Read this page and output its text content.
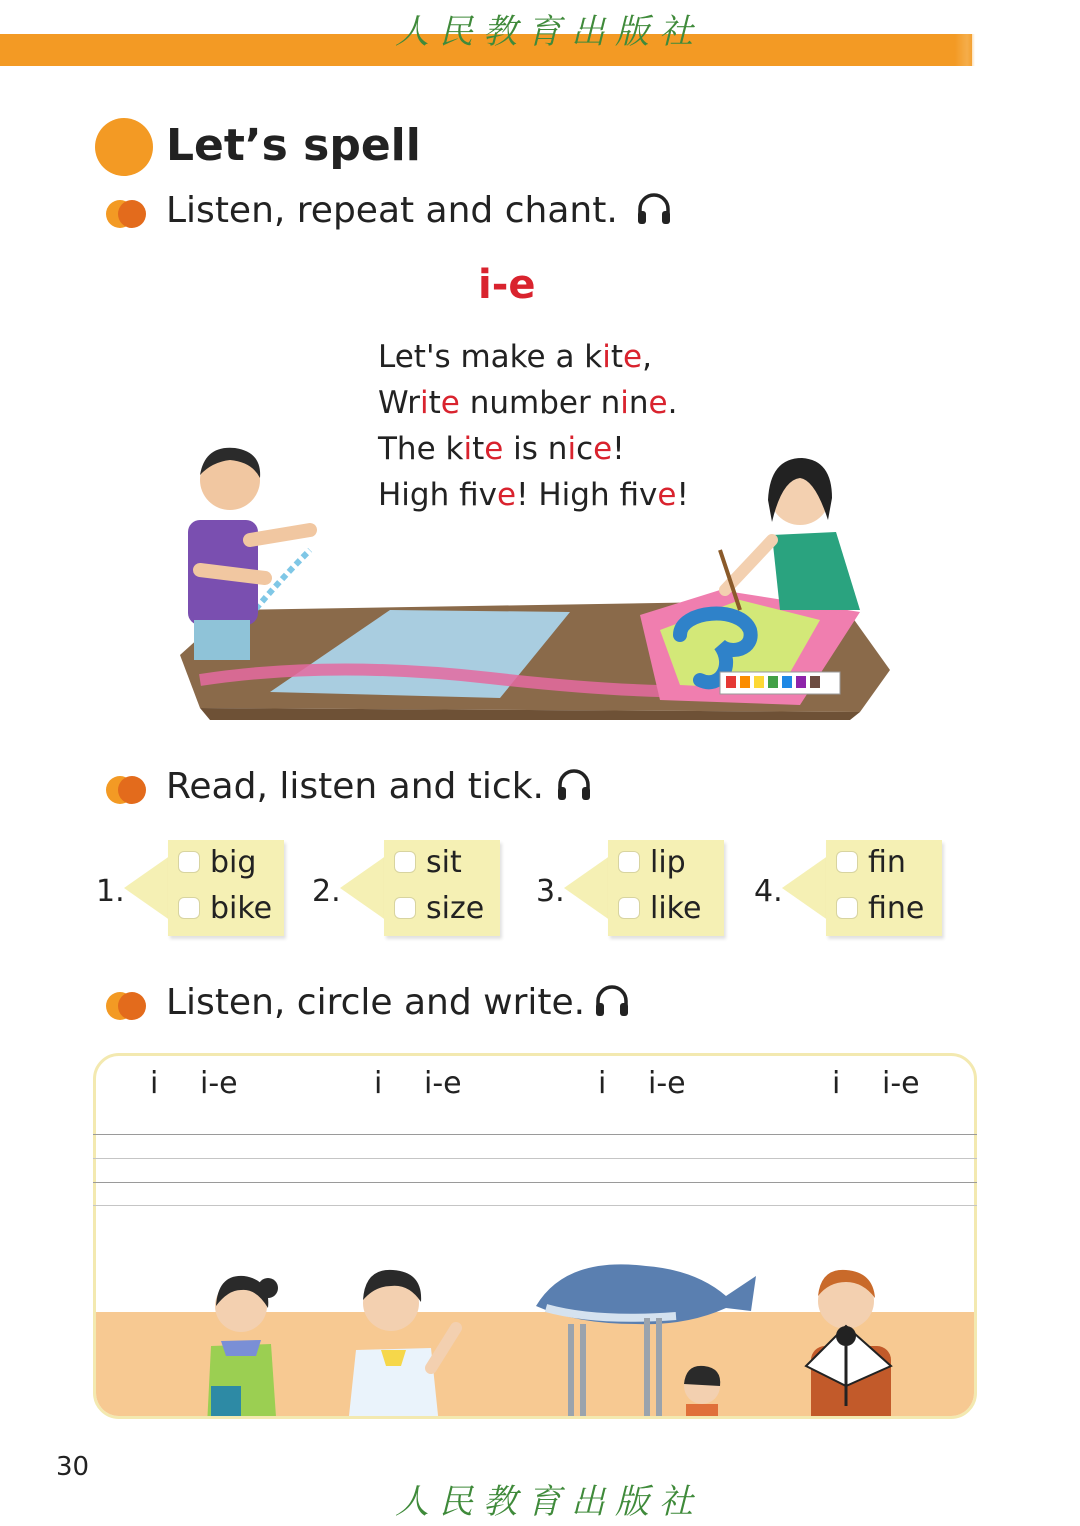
人民教育出版社
Let’s spell
Listen, repeat and chant.
i-e
Let's make a kite,
Write number nine.
The kite is nice!
High fve! High fve!
Read, listen and tick.
1.
big
bike 2.
sit
size 3.
lip
like 4.
fin
fine
Listen, circle and write.
i i-e	i i-e	i i-e	i i-e
30
人民教育出版社
